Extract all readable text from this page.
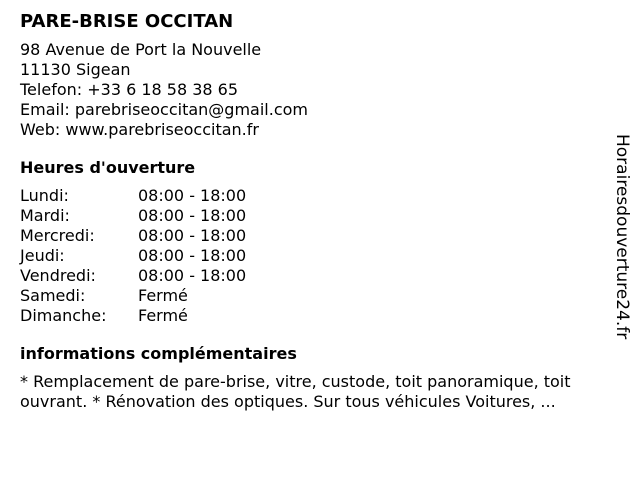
PARE-BRISE OCCITAN
98 Avenue de Port la Nouvelle
11130 Sigean
Telefon: +33 6 18 58 38 65
Email: parebriseoccitan@gmail.com
Web: www.parebriseoccitan.fr
Heures d'ouverture
Lundi:	08:00 - 18:00
Mardi:	08:00 - 18:00
Mercredi:	08:00 - 18:00
Jeudi:	08:00 - 18:00
Vendredi:	08:00 - 18:00
Samedi:	Fermé
Dimanche:	Fermé
informations complémentaires
* Remplacement de pare-brise, vitre, custode, toit panoramique, toit ouvrant. * Rénovation des optiques. Sur tous véhicules Voitures, ...
Horairesdouverture24.fr
